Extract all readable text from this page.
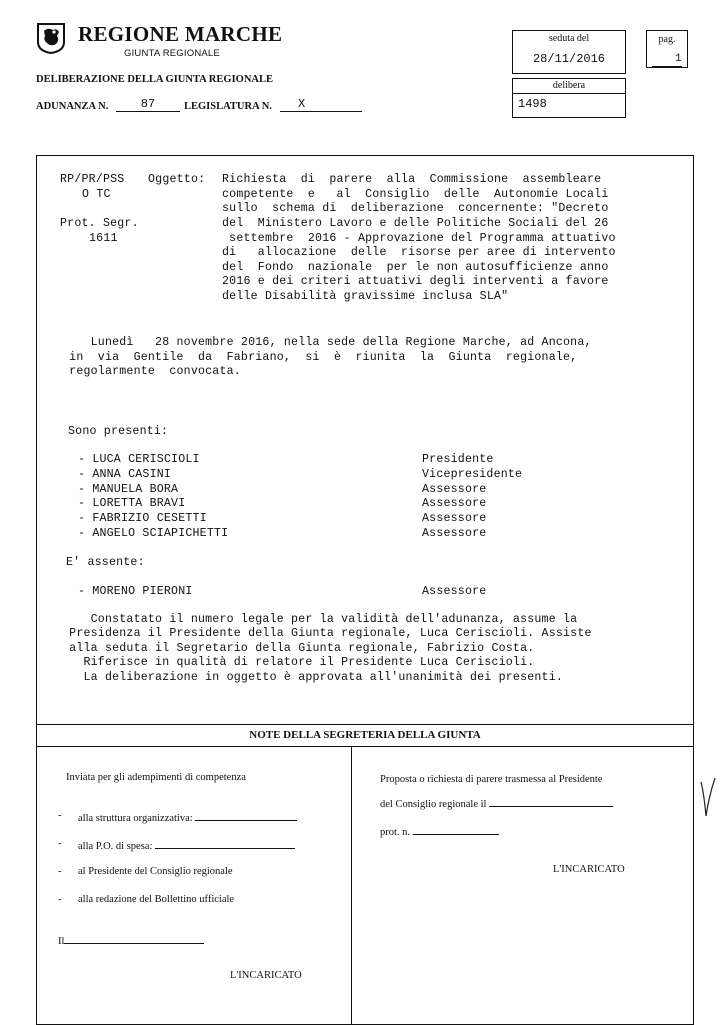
REGIONE MARCHE
GIUNTA REGIONALE
DELIBERAZIONE DELLA GIUNTA REGIONALE
ADUNANZA N.	87	LEGISLATURA N.	X
seduta del
28/11/2016
delibera
1498
pag.
1
RP/PR/PSS
O TC
Prot. Segr.
1611
Oggetto: Richiesta  di  parere  alla  Commissione  assembleare
competente  e   al  Consiglio  delle  Autonomie Locali
sullo  schema di  deliberazione  concernente: "Decreto
del  Ministero Lavoro e delle Politiche Sociali del 26
settembre  2016 - Approvazione del Programma attuativo
di   allocazione  delle  risorse per aree di intervento
del  Fondo  nazionale  per le non autosufficienze anno
2016 e dei criteri attuativi degli interventi a favore
delle Disabilità gravissime inclusa SLA"
Lunedì   28 novembre 2016, nella sede della Regione Marche, ad Ancona,
in  via  Gentile  da  Fabriano,  si  è  riunita  la  Giunta  regionale,
regolarmente  convocata.
Sono presenti:
- LUCA CERISCIOLI	Presidente
- ANNA CASINI	Vicepresidente
- MANUELA BORA	Assessore
- LORETTA BRAVI	Assessore
- FABRIZIO CESETTI	Assessore
- ANGELO SCIAPICHETTI	Assessore
E' assente:
- MORENO PIERONI	Assessore
Constatato il numero legale per la validità dell'adunanza, assume la
Presidenza il Presidente della Giunta regionale, Luca Ceriscioli. Assiste
alla seduta il Segretario della Giunta regionale, Fabrizio Costa.
Riferisce in qualità di relatore il Presidente Luca Ceriscioli.
La deliberazione in oggetto è approvata all'unanimità dei presenti.
NOTE DELLA SEGRETERIA DELLA GIUNTA
Inviata per gli adempimenti di competenza
- alla struttura organizzativa:
- alla P.O. di spesa:
- al Presidente del Consiglio regionale
- alla redazione del Bollettino ufficiale
Il
L'INCARICATO
Proposta o richiesta di parere trasmessa al Presidente
del Consiglio regionale il
prot. n.
L'INCARICATO
